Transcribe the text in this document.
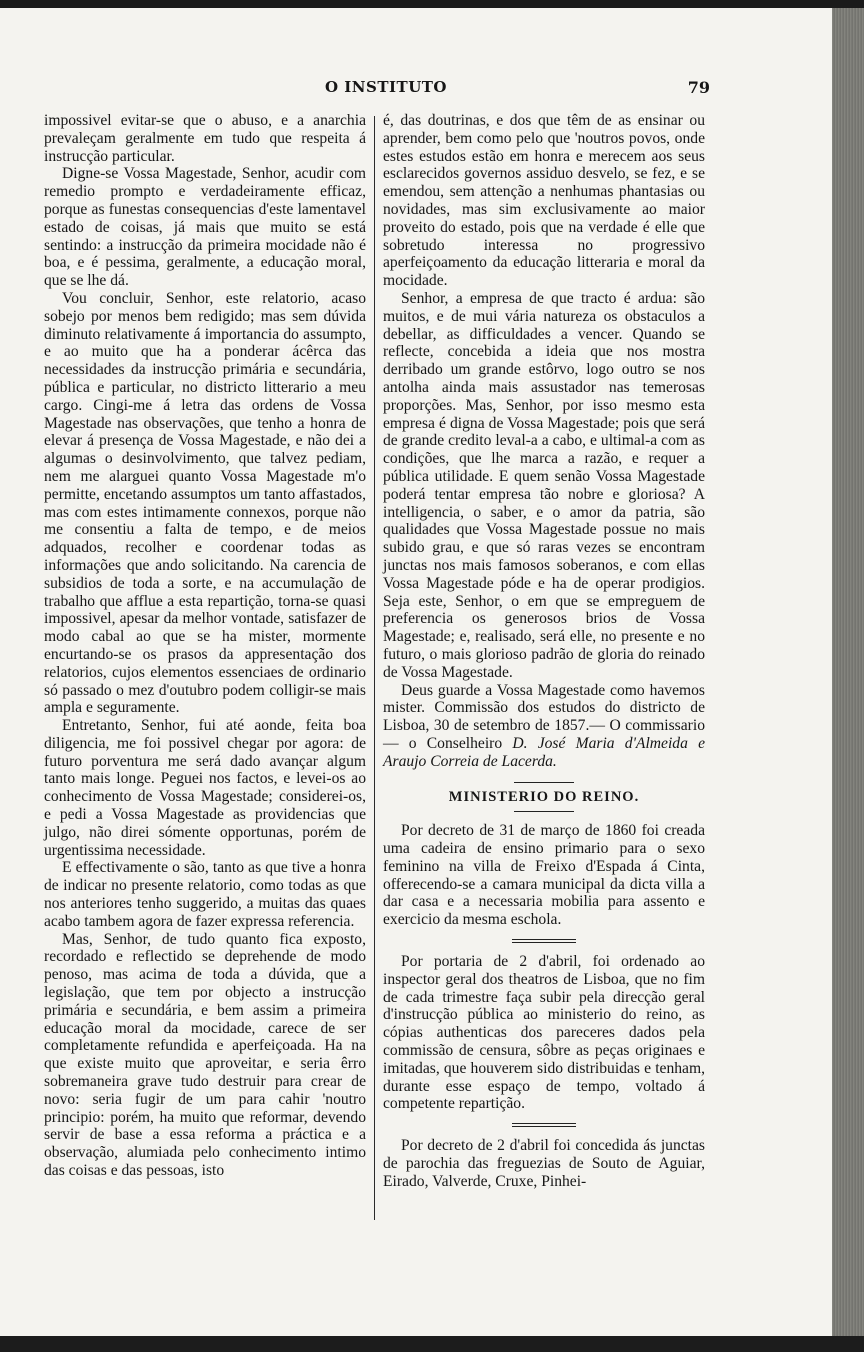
O INSTITUTO	79

impossivel evitar-se que o abuso, e a anarchia prevaleçam geralmente em tudo que respeita á instrucção particular.

Digne-se Vossa Magestade, Senhor, acudir com remedio prompto e verdadeiramente efficaz, porque as funestas consequencias d'este lamentavel estado de coisas, já mais que muito se está sentindo: a instrucção da primeira mocidade não é boa, e é pessima, geralmente, a educação moral, que se lhe dá.

Vou concluir, Senhor, este relatorio, acaso sobejo por menos bem redigido; mas sem dúvida diminuto relativamente á importancia do assumpto, e ao muito que ha a ponderar ácêrca das necessidades da instrucção primária e secundária, pública e particular, no districto litterario a meu cargo. Cingi-me á letra das ordens de Vossa Magestade nas observações, que tenho a honra de elevar á presença de Vossa Magestade, e não dei a algumas o desinvolvimento, que talvez pediam, nem me alarguei quanto Vossa Magestade m'o permitte, encetando assumptos um tanto affastados, mas com estes intimamente connexos, porque não me consentiu a falta de tempo, e de meios adquados, recolher e coordenar todas as informações que ando solicitando. Na carencia de subsidios de toda a sorte, e na accumulação de trabalho que afflue a esta repartição, torna-se quasi impossivel, apesar da melhor vontade, satisfazer de modo cabal ao que se ha mister, mormente encurtando-se os prasos da appresentação dos relatorios, cujos elementos essenciaes de ordinario só passado o mez d'outubro podem colligir-se mais ampla e seguramente.

Entretanto, Senhor, fui até aonde, feita boa diligencia, me foi possivel chegar por agora: de futuro porventura me será dado avançar algum tanto mais longe. Peguei nos factos, e levei-os ao conhecimento de Vossa Magestade; considerei-os, e pedi a Vossa Magestade as providencias que julgo, não direi sómente opportunas, porém de urgentissima necessidade.

E effectivamente o são, tanto as que tive a honra de indicar no presente relatorio, como todas as que nos anteriores tenho suggerido, a muitas das quaes acabo tambem agora de fazer expressa referencia.

Mas, Senhor, de tudo quanto fica exposto, recordado e reflectido se deprehende de modo penoso, mas acima de toda a dúvida, que a legislação, que tem por objecto a instrucção primária e secundária, e bem assim a primeira educação moral da mocidade, carece de ser completamente refundida e aperfeiçoada. Ha na que existe muito que aproveitar, e seria êrro sobremaneira grave tudo destruir para crear de novo: seria fugir de um para cahir 'noutro principio: porém, ha muito que reformar, devendo servir de base a essa reforma a práctica e a observação, alumiada pelo conhecimento intimo das coisas e das pessoas, isto

é, das doutrinas, e dos que têm de as ensinar ou aprender, bem como pelo que 'noutros povos, onde estes estudos estão em honra e merecem aos seus esclarecidos governos assiduo desvelo, se fez, e se emendou, sem attenção a nenhumas phantasias ou novidades, mas sim exclusivamente ao maior proveito do estado, pois que na verdade é elle que sobretudo interessa no progressivo aperfeiçoamento da educação litteraria e moral da mocidade.

Senhor, a empresa de que tracto é ardua: são muitos, e de mui vária natureza os obstaculos a debellar, as difficuldades a vencer. Quando se reflecte, concebida a ideia que nos mostra derribado um grande estôrvo, logo outro se nos antolha ainda mais assustador nas temerosas proporções. Mas, Senhor, por isso mesmo esta empresa é digna de Vossa Magestade; pois que será de grande credito leval-a a cabo, e ultimal-a com as condições, que lhe marca a razão, e requer a pública utilidade. E quem senão Vossa Magestade poderá tentar empresa tão nobre e gloriosa? A intelligencia, o saber, e o amor da patria, são qualidades que Vossa Magestade possue no mais subido grau, e que só raras vezes se encontram junctas nos mais famosos soberanos, e com ellas Vossa Magestade póde e ha de operar prodigios. Seja este, Senhor, o em que se empreguem de preferencia os generosos brios de Vossa Magestade; e, realisado, será elle, no presente e no futuro, o mais glorioso padrão de gloria do reinado de Vossa Magestade.

Deus guarde a Vossa Magestade como havemos mister. Commissão dos estudos do districto de Lisboa, 30 de setembro de 1857.— O commissario — o Conselheiro D. José Maria d'Almeida e Araujo Correia de Lacerda.

MINISTERIO DO REINO.

Por decreto de 31 de março de 1860 foi creada uma cadeira de ensino primario para o sexo feminino na villa de Freixo d'Espada á Cinta, offerecendo-se a camara municipal da dicta villa a dar casa e a necessaria mobilia para assento e exercicio da mesma eschola.

Por portaria de 2 d'abril, foi ordenado ao inspector geral dos theatros de Lisboa, que no fim de cada trimestre faça subir pela direcção geral d'instrucção pública ao ministerio do reino, as cópias authenticas dos pareceres dados pela commissão de censura, sôbre as peças originaes e imitadas, que houverem sido distribuidas e tenham, durante esse espaço de tempo, voltado á competente repartição.

Por decreto de 2 d'abril foi concedida ás junctas de parochia das freguezias de Souto de Aguiar, Eirado, Valverde, Cruxe, Pinhei-
